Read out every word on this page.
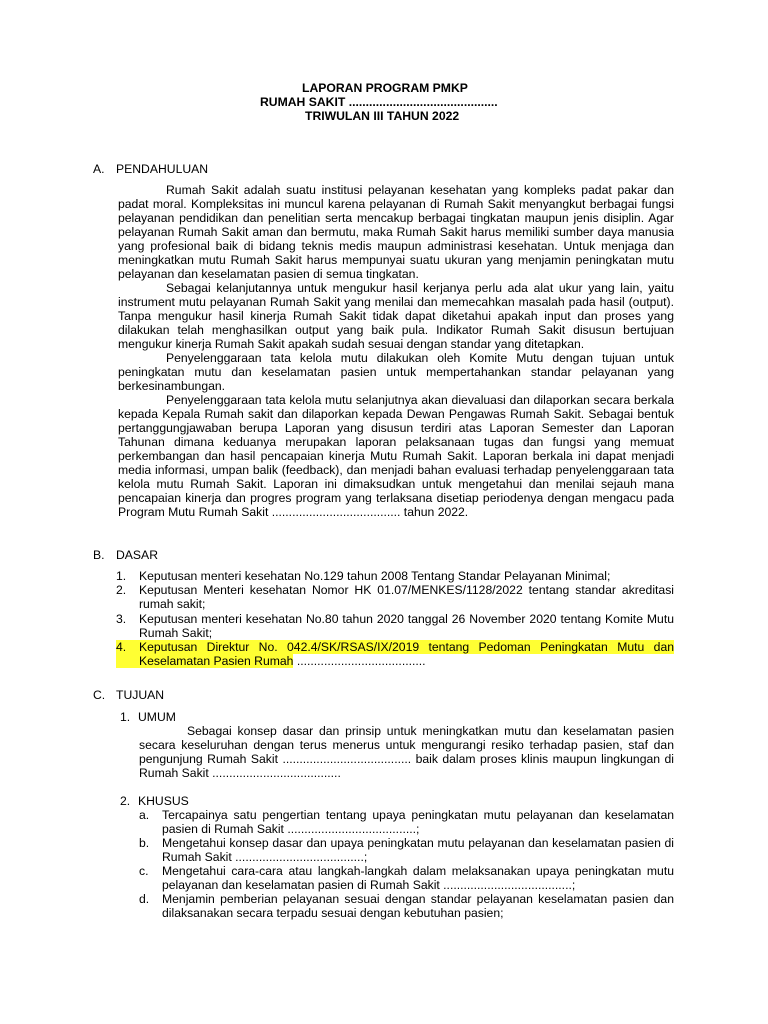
LAPORAN PROGRAM PMKP
RUMAH SAKIT ............................................
TRIWULAN III TAHUN 2022
A. PENDAHULUAN
Rumah Sakit adalah suatu institusi pelayanan kesehatan yang kompleks padat pakar dan padat moral. Kompleksitas ini muncul karena pelayanan di Rumah Sakit menyangkut berbagai fungsi pelayanan pendidikan dan penelitian serta mencakup berbagai tingkatan maupun jenis disiplin. Agar pelayanan Rumah Sakit aman dan bermutu, maka Rumah Sakit harus memiliki sumber daya manusia yang profesional baik di bidang teknis medis maupun administrasi kesehatan. Untuk menjaga dan meningkatkan mutu Rumah Sakit harus mempunyai suatu ukuran yang menjamin peningkatan mutu pelayanan dan keselamatan pasien di semua tingkatan.
Sebagai kelanjutannya untuk mengukur hasil kerjanya perlu ada alat ukur yang lain, yaitu instrument mutu pelayanan Rumah Sakit yang menilai dan memecahkan masalah pada hasil (output). Tanpa mengukur hasil kinerja Rumah Sakit tidak dapat diketahui apakah input dan proses yang dilakukan telah menghasilkan output yang baik pula. Indikator Rumah Sakit disusun bertujuan mengukur kinerja Rumah Sakit apakah sudah sesuai dengan standar yang ditetapkan.
Penyelenggaraan tata kelola mutu dilakukan oleh Komite Mutu dengan tujuan untuk peningkatan mutu dan keselamatan pasien untuk mempertahankan standar pelayanan yang berkesinambungan.
Penyelenggaraan tata kelola mutu selanjutnya akan dievaluasi dan dilaporkan secara berkala kepada Kepala Rumah sakit dan dilaporkan kepada Dewan Pengawas Rumah Sakit. Sebagai bentuk pertanggungjawaban berupa Laporan yang disusun terdiri atas Laporan Semester dan Laporan Tahunan dimana keduanya merupakan laporan pelaksanaan tugas dan fungsi yang memuat perkembangan dan hasil pencapaian kinerja Mutu Rumah Sakit. Laporan berkala ini dapat menjadi media informasi, umpan balik (feedback), dan menjadi bahan evaluasi terhadap penyelenggaraan tata kelola mutu Rumah Sakit. Laporan ini dimaksudkan untuk mengetahui dan menilai sejauh mana pencapaian kinerja dan progres program yang terlaksana disetiap periodenya dengan mengacu pada Program Mutu Rumah Sakit ...................................... tahun 2022.
B. DASAR
1.	Keputusan menteri kesehatan No.129 tahun 2008 Tentang Standar Pelayanan Minimal;
2.	Keputusan Menteri kesehatan Nomor HK 01.07/MENKES/1128/2022 tentang standar akreditasi rumah sakit;
3.	Keputusan menteri kesehatan No.80 tahun 2020 tanggal 26 November 2020 tentang Komite Mutu Rumah Sakit;
4.	Keputusan Direktur No. 042.4/SK/RSAS/IX/2019 tentang Pedoman Peningkatan Mutu dan Keselamatan Pasien Rumah ......................................
C. TUJUAN
1. UMUM
Sebagai konsep dasar dan prinsip untuk meningkatkan mutu dan keselamatan pasien secara keseluruhan dengan terus menerus untuk mengurangi resiko terhadap pasien, staf dan pengunjung Rumah Sakit ...................................... baik dalam proses klinis maupun lingkungan di Rumah Sakit ......................................
2. KHUSUS
a.	Tercapainya satu pengertian tentang upaya peningkatan mutu pelayanan dan keselamatan pasien di Rumah Sakit ......................................;
b.	Mengetahui konsep dasar dan upaya peningkatan mutu pelayanan dan keselamatan pasien di Rumah Sakit ......................................;
c.	Mengetahui cara-cara atau langkah-langkah dalam melaksanakan upaya peningkatan mutu pelayanan dan keselamatan pasien di Rumah Sakit ......................................;
d.	Menjamin pemberian pelayanan sesuai dengan standar pelayanan keselamatan pasien dan dilaksanakan secara terpadu sesuai dengan kebutuhan pasien;
